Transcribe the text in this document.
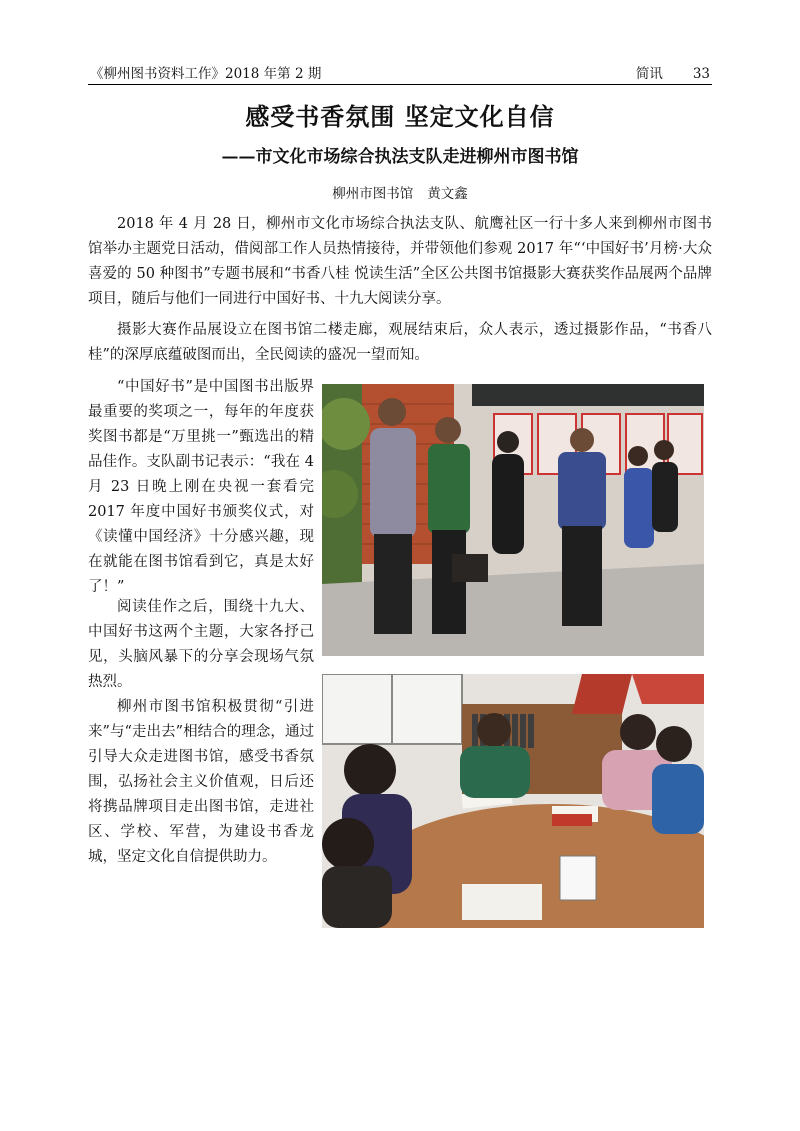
《柳州图书资料工作》2018 年第 2 期	简讯 33
感受书香氛围 坚定文化自信
——市文化市场综合执法支队走进柳州市图书馆
柳州市图书馆 黄文鑫

2018 年 4 月 28 日，柳州市文化市场综合执法支队、航鹰社区一行十多人来到柳州市图书馆举办主题党日活动，借阅部工作人员热情接待，并带领他们参观 2017 年“‘中国好书’月榜·大众喜爱的 50 种图书”专题书展和“书香八桂 悦读生活”全区公共图书馆摄影大赛获奖作品展两个品牌项目，随后与他们一同进行中国好书、十九大阅读分享。

摄影大赛作品展设立在图书馆二楼走廊，观展结束后，众人表示，透过摄影作品，“书香八桂”的深厚底蕴破图而出，全民阅读的盛况一望而知。

“中国好书”是中国图书出版界最重要的奖项之一，每年的年度获奖图书都是“万里挑一”甄选出的精品佳作。支队副书记表示：“我在 4 月 23 日晚上刚在央视一套看完 2017 年度中国好书颁奖仪式，对《读懂中国经济》十分感兴趣，现在就能在图书馆看到它，真是太好了！”

阅读佳作之后，围绕十九大、中国好书这两个主题，大家各抒己见，头脑风暴下的分享会现场气氛热烈。

柳州市图书馆积极贯彻“引进来”与“走出去”相结合的理念，通过引导大众走进图书馆，感受书香氛围，弘扬社会主义价值观，日后还将携品牌项目走出图书馆，走进社区、学校、军营，为建设书香龙城，坚定文化自信提供助力。
